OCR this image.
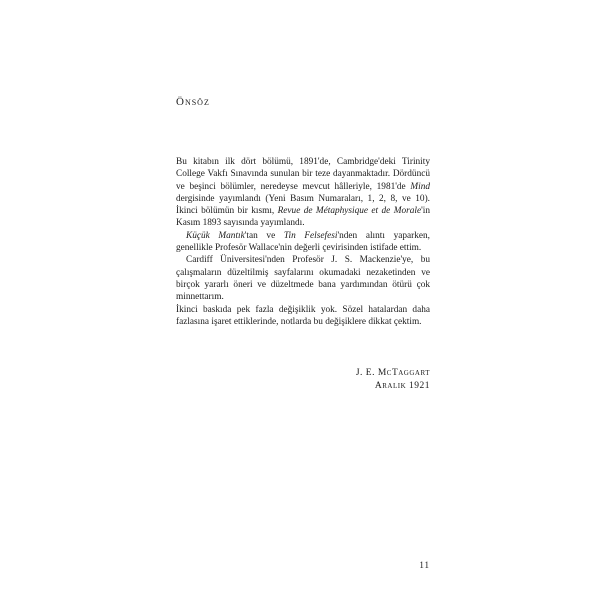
Önsöz

Bu kitabın ilk dört bölümü, 1891'de, Cambridge'deki Tirinity College Vakfı Sınavında sunulan bir teze dayanmaktadır. Dördüncü ve beşinci bölümler, neredeyse mevcut hâlleriyle, 1981'de Mind dergisinde yayımlandı (Yeni Basım Numaraları, 1, 2, 8, ve 10). İkinci bölümün bir kısmı, Revue de Métaphysique et de Morale'in Kasım 1893 sayısında yayımlandı.

Küçük Mantık'tan ve Tin Felsefesi'nden alıntı yaparken, genellikle Profesör Wallace'nin değerli çevirisinden istifade ettim.

Cardiff Üniversitesi'nden Profesör J. S. Mackenzie'ye, bu çalışmaların düzeltilmiş sayfalarını okumadaki nezaketinden ve birçok yararlı öneri ve düzeltmede bana yardımından ötürü çok minnettarım.

İkinci baskıda pek fazla değişiklik yok. Sözel hatalardan daha fazlasına işaret ettiklerinde, notlarda bu değişiklere dikkat çektim.

J. E. McTaggart
Aralık 1921
11
